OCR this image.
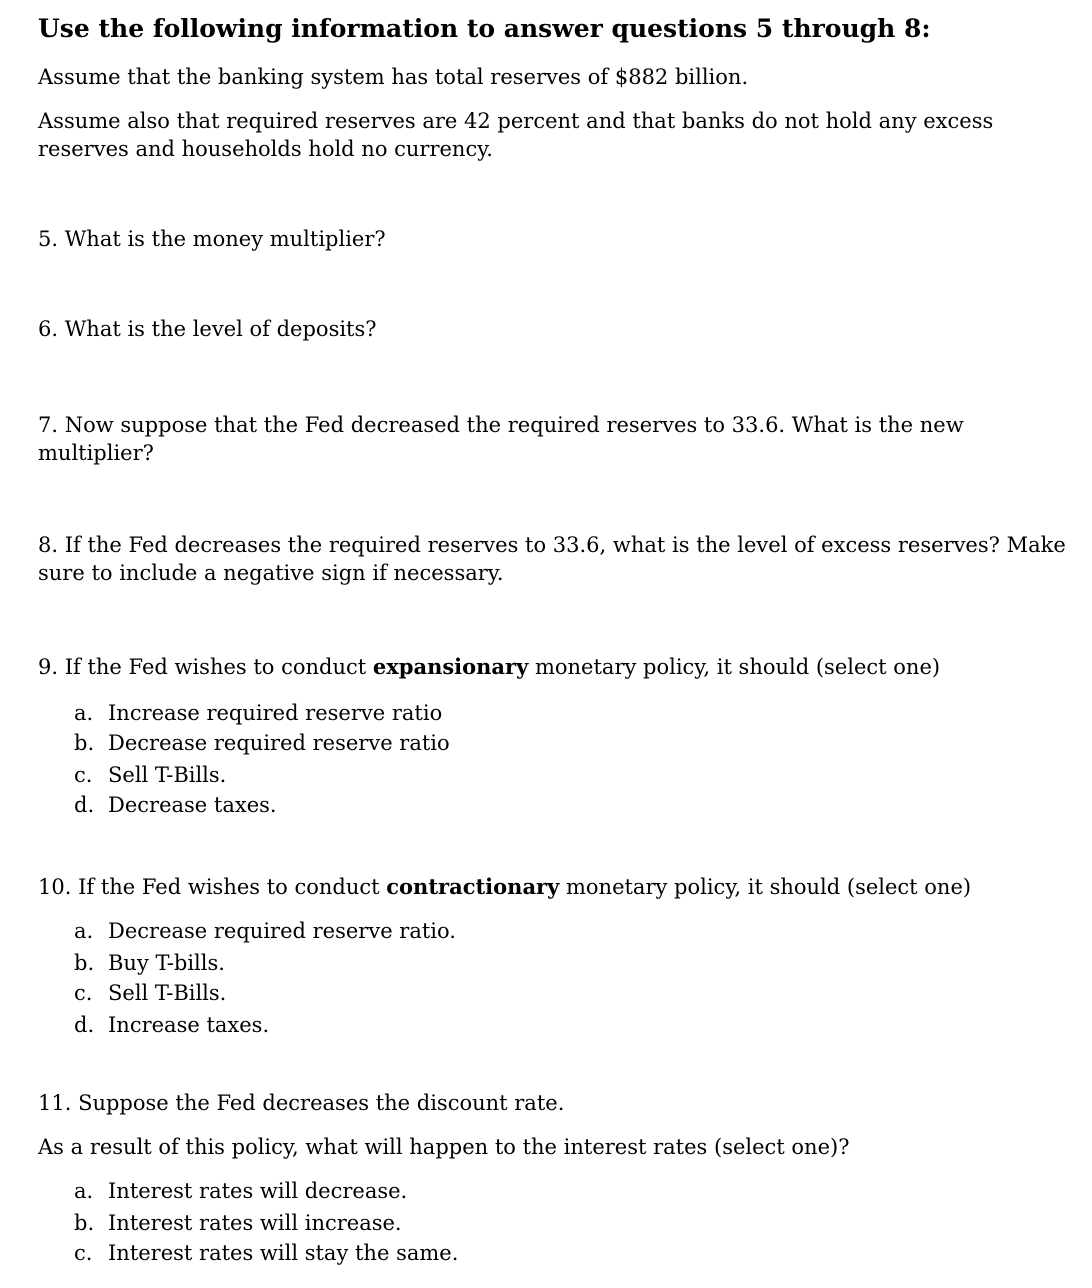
Use the following information to answer questions 5 through 8:
Assume that the banking system has total reserves of $882 billion.
Assume also that required reserves are 42 percent and that banks do not hold any excess
reserves and households hold no currency.
5. What is the money multiplier?
6. What is the level of deposits?
7. Now suppose that the Fed decreased the required reserves to 33.6. What is the new
multiplier?
8. If the Fed decreases the required reserves to 33.6, what is the level of excess reserves? Make
sure to include a negative sign if necessary.
9. If the Fed wishes to conduct expansionary monetary policy, it should (select one)
a. Increase required reserve ratio
b. Decrease required reserve ratio
c. Sell T-Bills.
d. Decrease taxes.
10. If the Fed wishes to conduct contractionary monetary policy, it should (select one)
a. Decrease required reserve ratio.
b. Buy T-bills.
c. Sell T-Bills.
d. Increase taxes.
11. Suppose the Fed decreases the discount rate.
As a result of this policy, what will happen to the interest rates (select one)?
a. Interest rates will decrease.
b. Interest rates will increase.
c. Interest rates will stay the same.
